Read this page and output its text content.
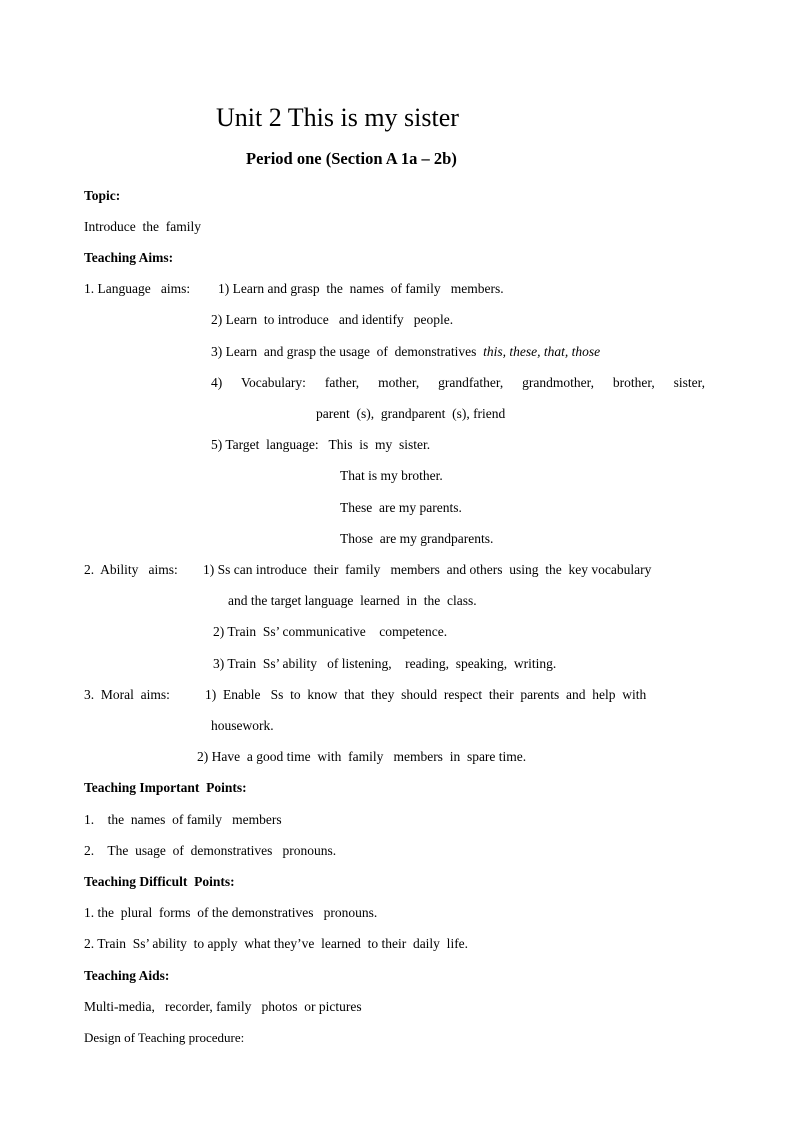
Unit 2 This is my sister
Period one (Section A 1a – 2b)
Topic:
Introduce  the  family
Teaching Aims:
1. Language   aims: 1) Learn and grasp  the  names  of family   members.
2) Learn  to introduce   and identify   people.
3) Learn  and grasp the usage  of  demonstratives  this, these, that, those
4) Vocabulary: father, mother, grandfather, grandmother, brother, sister,
parent  (s),  grandparent  (s), friend
5) Target  language:   This  is  my  sister.
That is my brother.
These  are my parents.
Those  are my grandparents.
2.  Ability   aims: 1) Ss can introduce  their  family   members  and others  using  the  key vocabulary
and the target language  learned  in  the  class.
2) Train  Ss’ communicative    competence.
3) Train  Ss’ ability   of listening,    reading,  speaking,  writing.
3.  Moral  aims:	1)  Enable   Ss  to  know  that  they  should  respect  their  parents  and  help  with
housework.
2) Have  a good time  with  family   members  in  spare time.
Teaching Important  Points:
1.    the  names  of family   members
2.    The  usage  of  demonstratives   pronouns.
Teaching Difficult  Points:
1. the  plural  forms  of the demonstratives   pronouns.
2. Train  Ss’ ability  to apply  what they’ve  learned  to their  daily  life.
Teaching Aids:
Multi-media,   recorder, family   photos  or pictures
Design of Teaching procedure:
